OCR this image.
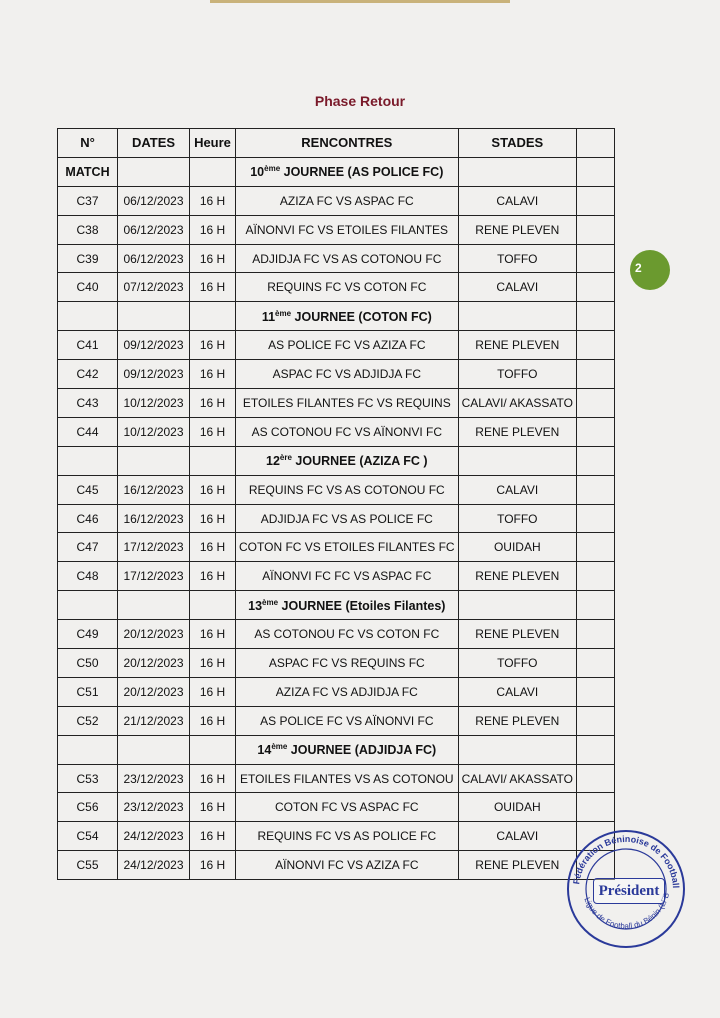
Phase Retour
N°	DATES	Heure	RENCONTRES	STADES	
MATCH			10ème JOURNEE (AS POLICE FC)		
C37	06/12/2023	16 H	AZIZA FC VS ASPAC FC	CALAVI	
C38	06/12/2023	16 H	AÏNONVI FC VS ETOILES FILANTES	RENE PLEVEN	
C39	06/12/2023	16 H	ADJIDJA FC VS AS COTONOU FC	TOFFO	
C40	07/12/2023	16 H	REQUINS FC VS COTON FC	CALAVI	
			11ème JOURNEE (COTON FC)		
C41	09/12/2023	16 H	AS POLICE FC VS AZIZA FC	RENE PLEVEN	
C42	09/12/2023	16 H	ASPAC FC VS ADJIDJA FC	TOFFO	
C43	10/12/2023	16 H	ETOILES FILANTES FC VS REQUINS	CALAVI/ AKASSATO	
C44	10/12/2023	16 H	AS COTONOU FC VS AÏNONVI FC	RENE PLEVEN	
			12ère JOURNEE (AZIZA FC )		
C45	16/12/2023	16 H	REQUINS FC VS AS COTONOU FC	CALAVI	
C46	16/12/2023	16 H	ADJIDJA FC VS AS POLICE FC	TOFFO	
C47	17/12/2023	16 H	COTON FC VS ETOILES FILANTES FC	OUIDAH	
C48	17/12/2023	16 H	AÏNONVI FC FC VS ASPAC FC	RENE PLEVEN	
			13ème JOURNEE (Etoiles Filantes)		
C49	20/12/2023	16 H	AS COTONOU FC VS COTON FC	RENE PLEVEN	
C50	20/12/2023	16 H	ASPAC FC VS REQUINS FC	TOFFO	
C51	20/12/2023	16 H	AZIZA FC VS ADJIDJA FC	CALAVI	
C52	21/12/2023	16 H	AS POLICE FC VS AÏNONVI FC	RENE PLEVEN	
			14ème JOURNEE (ADJIDJA FC)		
C53	23/12/2023	16 H	ETOILES FILANTES VS AS COTONOU	CALAVI/ AKASSATO	
C56	23/12/2023	16 H	COTON FC VS ASPAC FC	OUIDAH	
C54	24/12/2023	16 H	REQUINS FC VS AS POLICE FC	CALAVI	
C55	24/12/2023	16 H	AÏNONVI FC VS AZIZA FC	RENE PLEVEN	
2
Fédération Béninoise de Football
Ligue de Football du Bénin (LFB
Président
